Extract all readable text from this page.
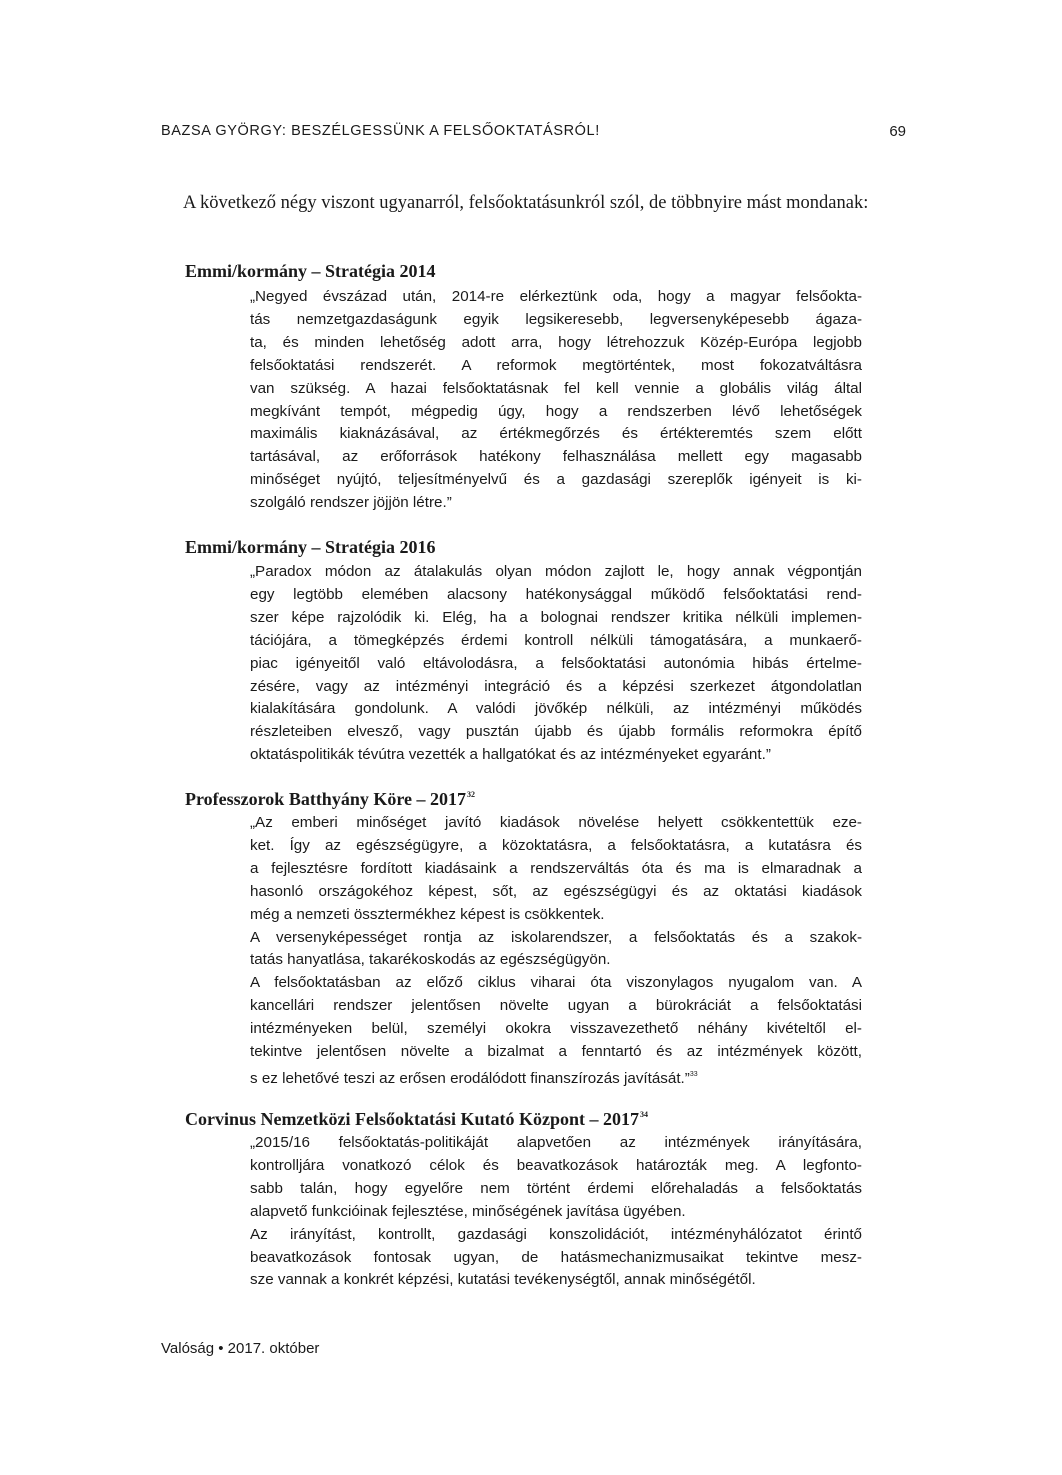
BAZSA GYÖRGY: BESZÉLGESSÜNK A FELSŐOKTATÁSRÓL!	69

A következő négy viszont ugyanarról, felsőoktatásunkról szól, de többnyire mást mondanak:

Emmi/kormány – Stratégia 2014
„Negyed évszázad után, 2014-re elérkeztünk oda, hogy a magyar felsőokta-
tás nemzetgazdaságunk egyik legsikeresebb, legversenyképesebb ágaza-
ta, és minden lehetőség adott arra, hogy létrehozzuk Közép-Európa legjobb
felsőoktatási rendszerét. A reformok megtörténtek, most fokozatváltásra
van szükség. A hazai felsőoktatásnak fel kell vennie a globális világ által
megkívánt tempót, mégpedig úgy, hogy a rendszerben lévő lehetőségek
maximális kiaknázásával, az értékmegőrzés és értékteremtés szem előtt
tartásával, az erőforrások hatékony felhasználása mellett egy magasabb
minőséget nyújtó, teljesítményelvű és a gazdasági szereplők igényeit is ki-
szolgáló rendszer jöjjön létre.”
Emmi/kormány – Stratégia 2016
„Paradox módon az átalakulás olyan módon zajlott le, hogy annak végpontján
egy legtöbb elemében alacsony hatékonysággal működő felsőoktatási rend-
szer képe rajzolódik ki. Elég, ha a bolognai rendszer kritika nélküli implemen-
tációjára, a tömegképzés érdemi kontroll nélküli támogatására, a munkaerő-
piac igényeitől való eltávolodásra, a felsőoktatási autonómia hibás értelme-
zésére, vagy az intézményi integráció és a képzési szerkezet átgondolatlan
kialakítására gondolunk. A valódi jövőkép nélküli, az intézményi működés
részleteiben elvesző, vagy pusztán újabb és újabb formális reformokra építő
oktatáspolitikák tévútra vezették a hallgatókat és az intézményeket egyaránt.”
Professzorok Batthyány Köre – 2017$^{32}$
„Az emberi minőséget javító kiadások növelése helyett csökkentettük eze-
ket. Így az egészségügyre, a közoktatásra, a felsőoktatásra, a kutatásra és
a fejlesztésre fordított kiadásaink a rendszerváltás óta és ma is elmaradnak a
hasonló országokéhoz képest, sőt, az egészségügyi és az oktatási kiadások
még a nemzeti össztermékhez képest is csökkentek.
A versenyképességet rontja az iskolarendszer, a felsőoktatás és a szakok-
tatás hanyatlása, takarékoskodás az egészségügyön.
A felsőoktatásban az előző ciklus viharai óta viszonylagos nyugalom van. A
kancellári rendszer jelentősen növelte ugyan a bürokráciát a felsőoktatási
intézményeken belül, személyi okokra visszavezethető néhány kivételtől el-
tekintve jelentősen növelte a bizalmat a fenntartó és az intézmények között,
s ez lehetővé teszi az erősen erodálódott finanszírozás javítását.”$^{33}$
Corvinus Nemzetközi Felsőoktatási Kutató Központ – 2017$^{34}$
„2015/16 felsőoktatás-politikáját alapvetően az intézmények irányítására,
kontrolljára vonatkozó célok és beavatkozások határozták meg. A legfonto-
sabb talán, hogy egyelőre nem történt érdemi előrehaladás a felsőoktatás
alapvető funkcióinak fejlesztése, minőségének javítása ügyében.
Az irányítást, kontrollt, gazdasági konszolidációt, intézményhálózatot érintő
beavatkozások fontosak ugyan, de hatásmechanizmusaikat tekintve mesz-
sze vannak a konkrét képzési, kutatási tevékenységtől, annak minőségétől.
Valóság • 2017. október
